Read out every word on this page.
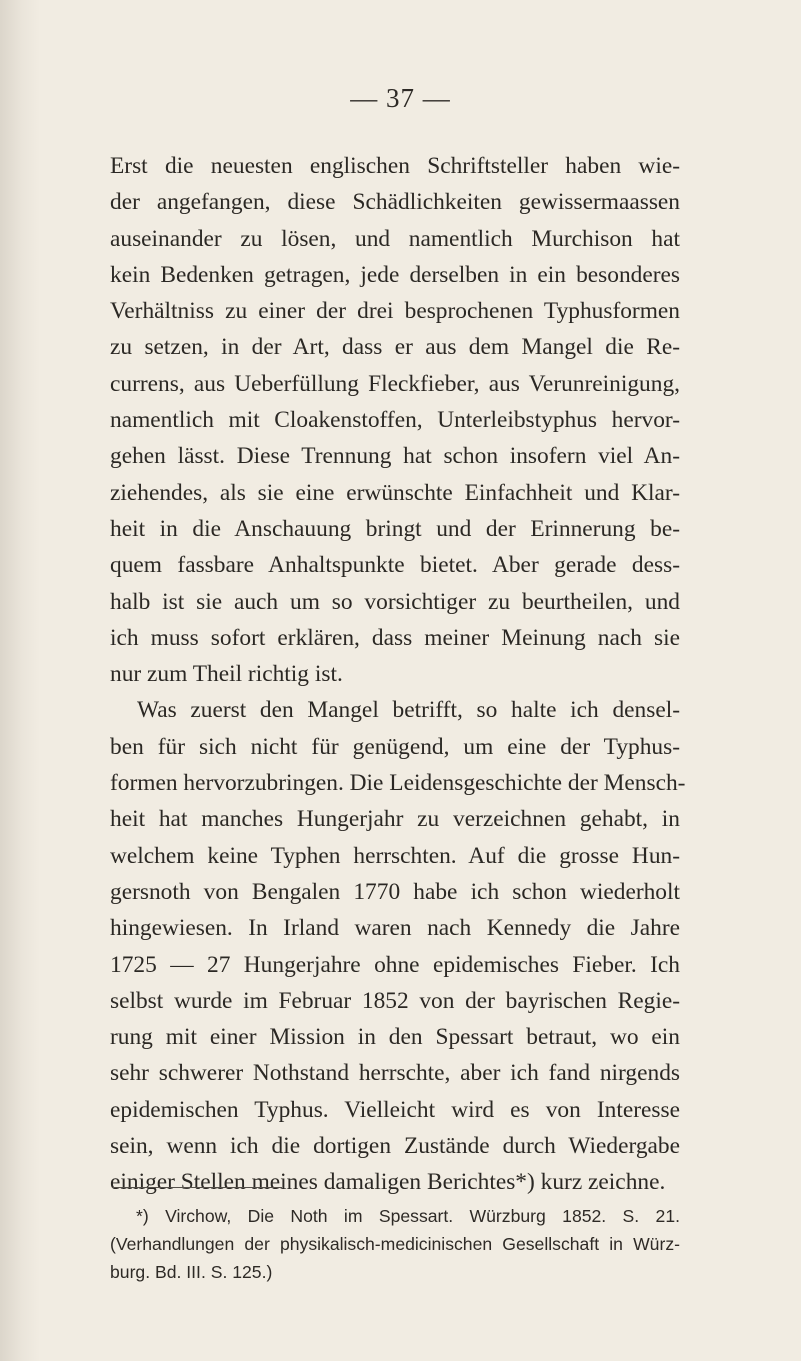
— 37 —
Erst die neuesten englischen Schriftsteller haben wie-
der angefangen, diese Schädlichkeiten gewissermaassen
auseinander zu lösen, und namentlich Murchison hat
kein Bedenken getragen, jede derselben in ein besonderes
Verhältniss zu einer der drei besprochenen Typhusformen
zu setzen, in der Art, dass er aus dem Mangel die Re-
currens, aus Ueberfüllung Fleckfieber, aus Verunreinigung,
namentlich mit Cloakenstoffen, Unterleibstyphus hervor-
gehen lässt. Diese Trennung hat schon insofern viel An-
ziehendes, als sie eine erwünschte Einfachheit und Klar-
heit in die Anschauung bringt und der Erinnerung be-
quem fassbare Anhaltspunkte bietet. Aber gerade dess-
halb ist sie auch um so vorsichtiger zu beurtheilen, und
ich muss sofort erklären, dass meiner Meinung nach sie
nur zum Theil richtig ist.
Was zuerst den Mangel betrifft, so halte ich densel-
ben für sich nicht für genügend, um eine der Typhus-
formen hervorzubringen. Die Leidensgeschichte der Mensch-
heit hat manches Hungerjahr zu verzeichnen gehabt, in
welchem keine Typhen herrschten. Auf die grosse Hun-
gersnoth von Bengalen 1770 habe ich schon wiederholt
hingewiesen. In Irland waren nach Kennedy die Jahre
1725 — 27 Hungerjahre ohne epidemisches Fieber. Ich
selbst wurde im Februar 1852 von der bayrischen Regie-
rung mit einer Mission in den Spessart betraut, wo ein
sehr schwerer Nothstand herrschte, aber ich fand nirgends
epidemischen Typhus. Vielleicht wird es von Interesse
sein, wenn ich die dortigen Zustände durch Wiedergabe
einiger Stellen meines damaligen Berichtes*) kurz zeichne.
*) Virchow, Die Noth im Spessart. Würzburg 1852. S. 21.
(Verhandlungen der physikalisch-medicinischen Gesellschaft in Würz-
burg. Bd. III. S. 125.)
